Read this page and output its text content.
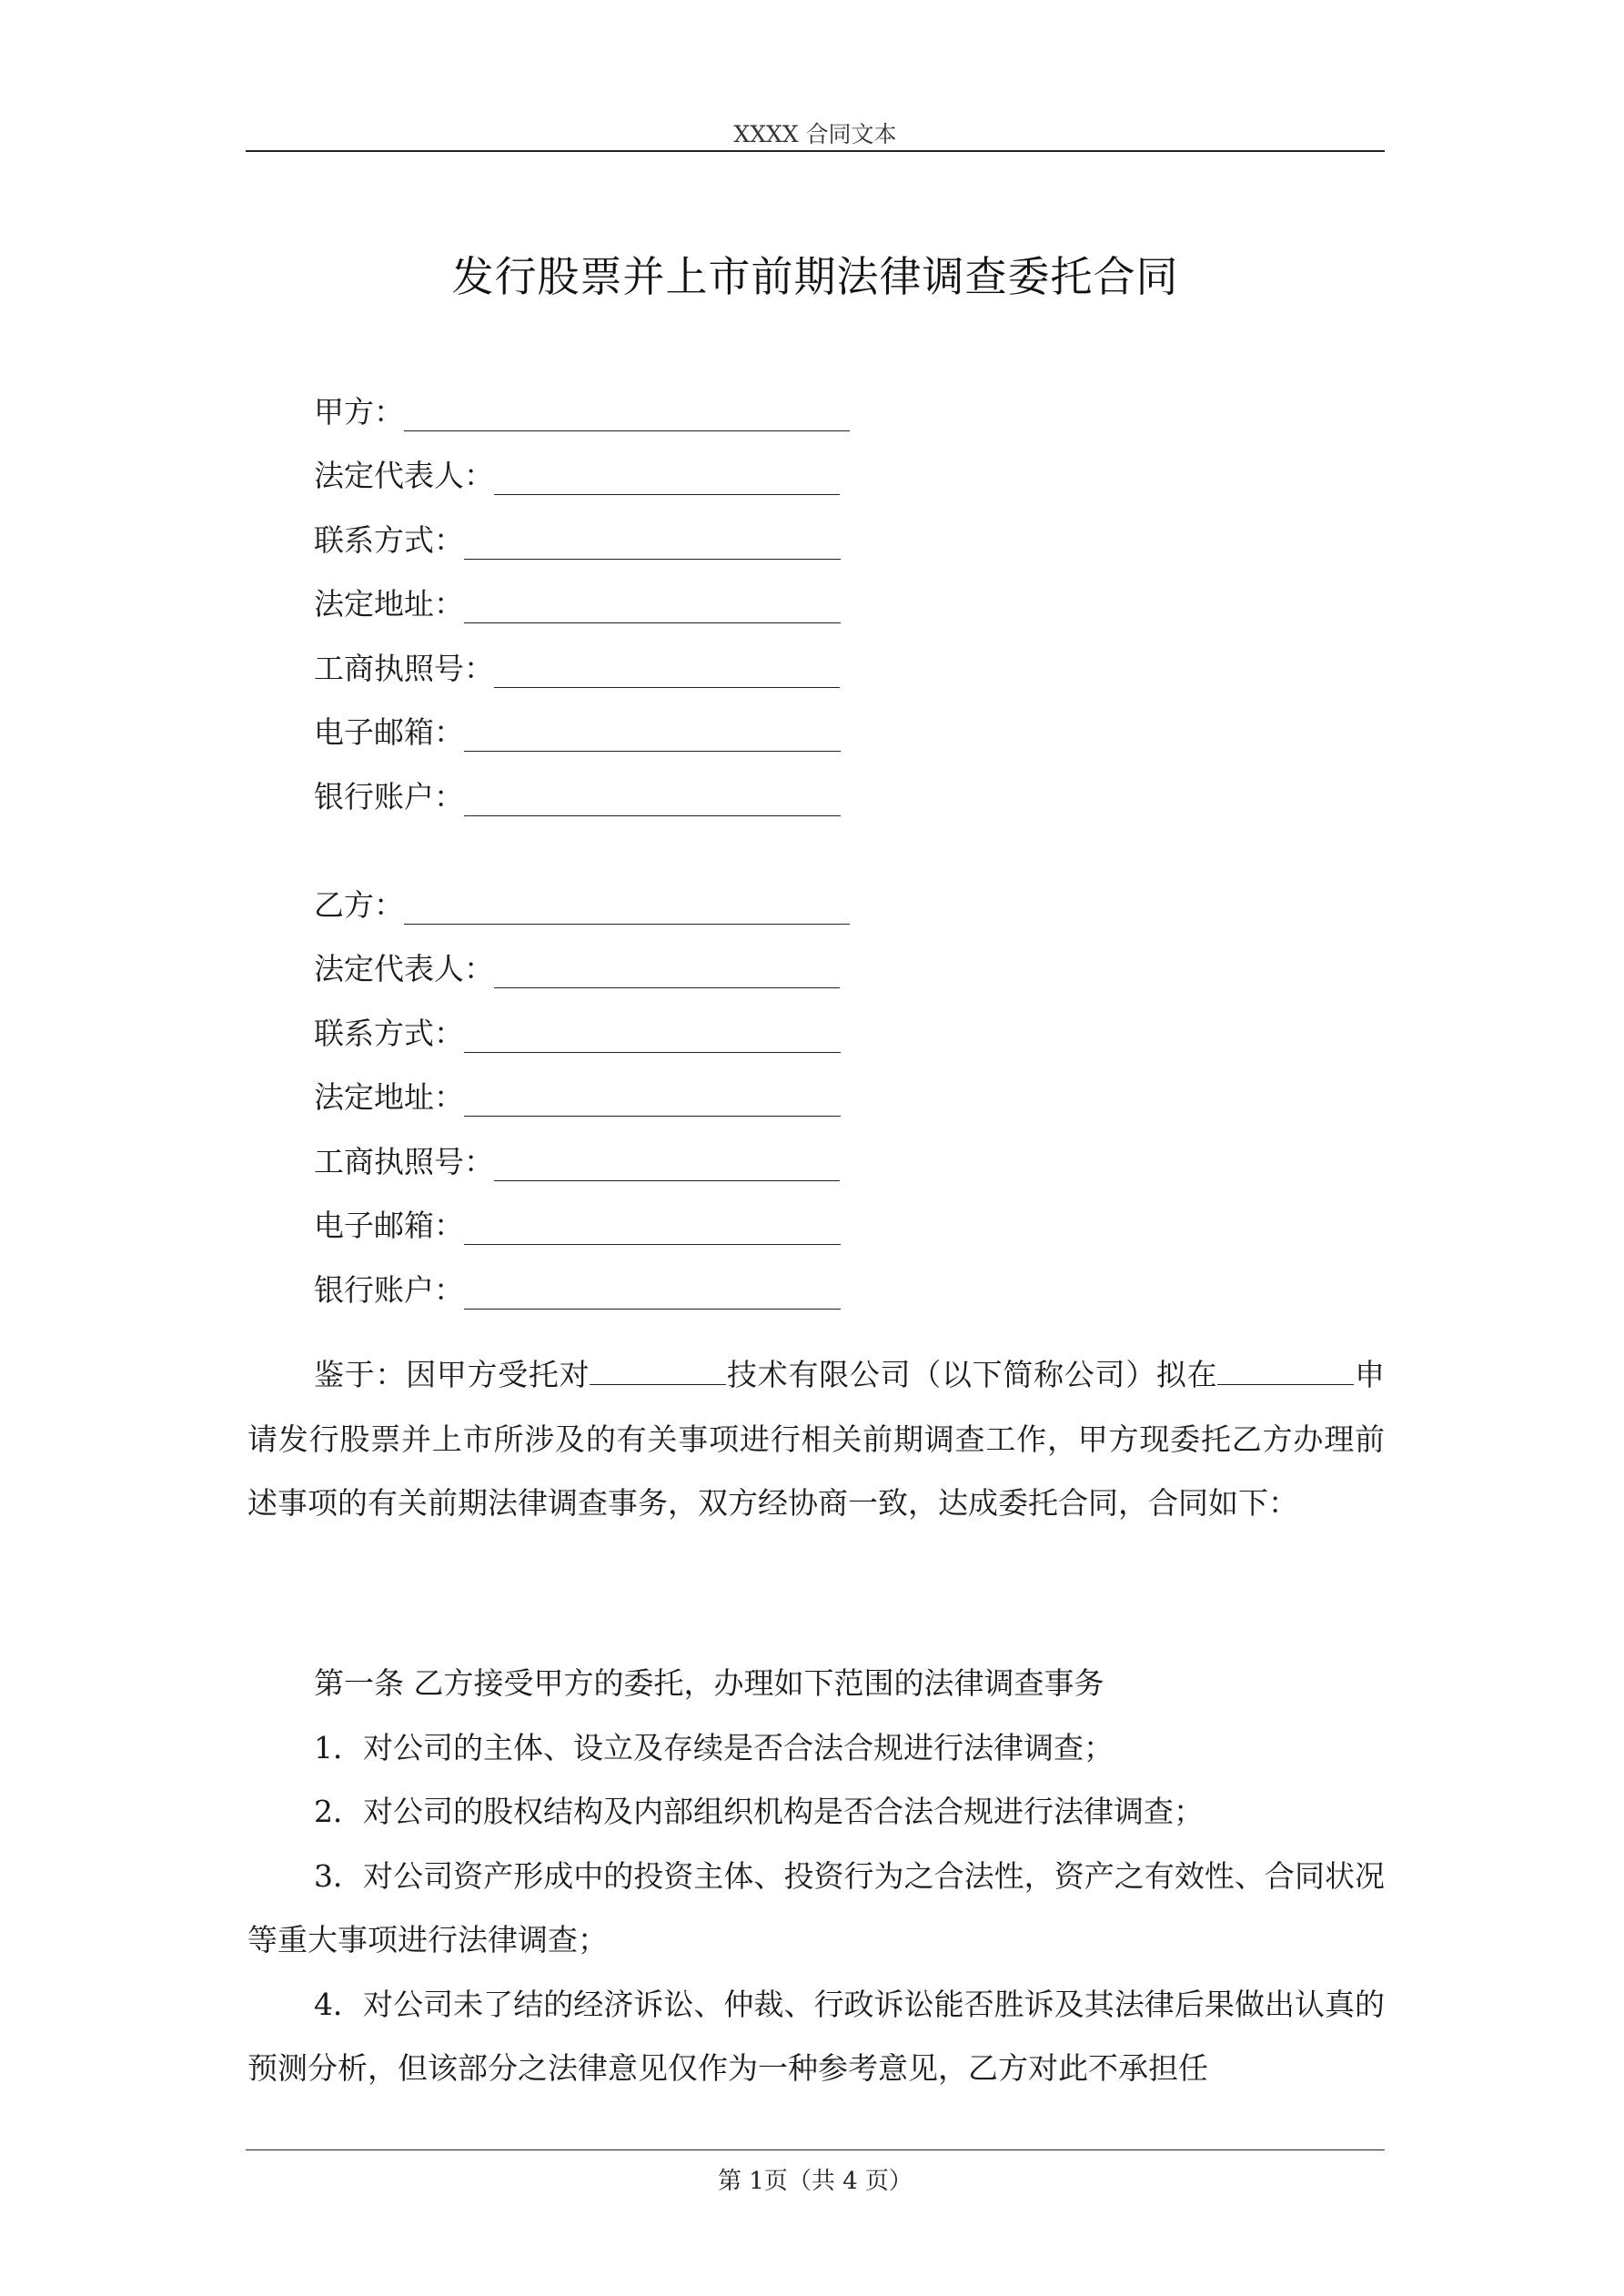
XXXX 合同文本
发行股票并上市前期法律调查委托合同
甲方：
法定代表人：
联系方式：
法定地址：
工商执照号：
电子邮箱：
银行账户：
乙方：
法定代表人：
联系方式：
法定地址：
工商执照号：
电子邮箱：
银行账户：

鉴于：因甲方受托对	技术有限公司（以下简称公司）拟在	申请发行股票并上市所涉及的有关事项进行相关前期调查工作，甲方现委托乙方办理前述事项的有关前期法律调查事务，双方经协商一致，达成委托合同，合同如下：

第一条 乙方接受甲方的委托，办理如下范围的法律调查事务

1．对公司的主体、设立及存续是否合法合规进行法律调查；

2．对公司的股权结构及内部组织机构是否合法合规进行法律调查；

3．对公司资产形成中的投资主体、投资行为之合法性，资产之有效性、合同状况等重大事项进行法律调查；

4．对公司未了结的经济诉讼、仲裁、行政诉讼能否胜诉及其法律后果做出认真的预测分析，但该部分之法律意见仅作为一种参考意见，乙方对此不承担任

第 1页（共 4 页）
